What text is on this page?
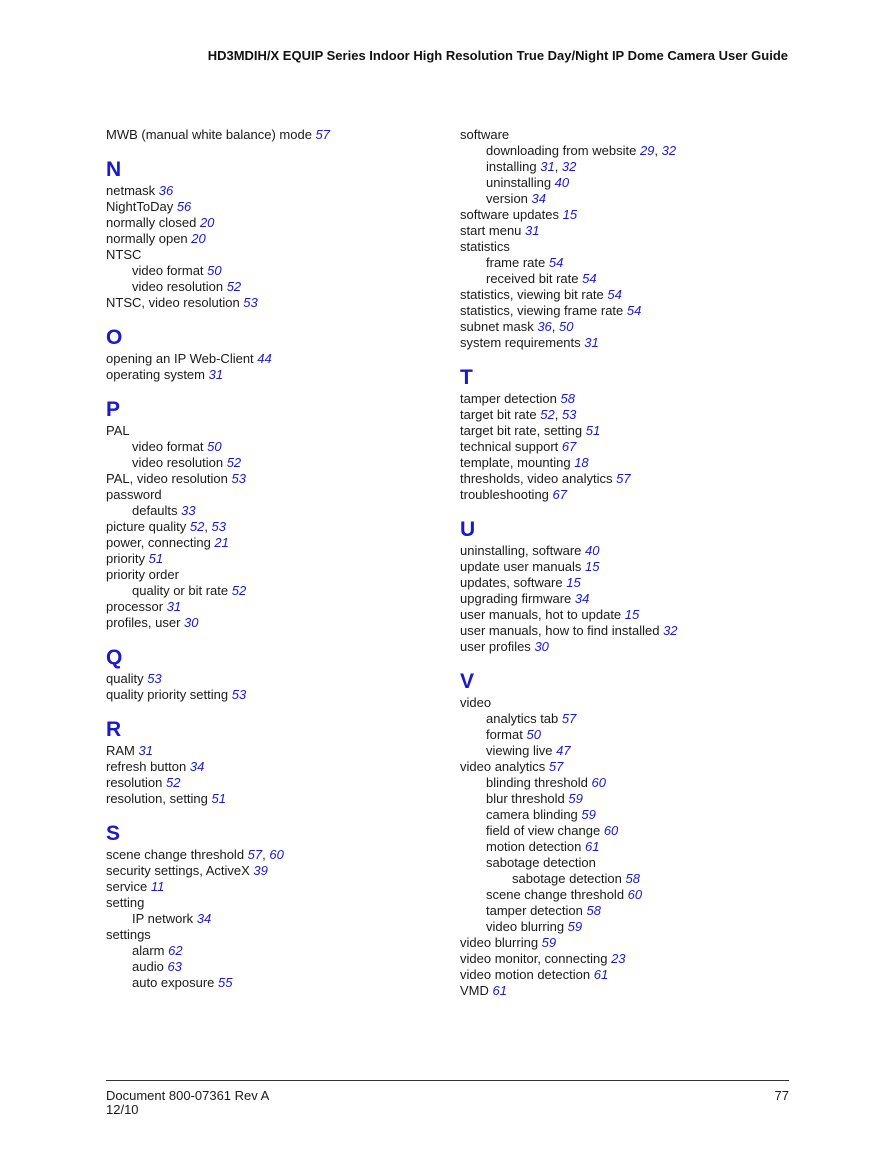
HD3MDIH/X EQUIP Series Indoor High Resolution True Day/Night IP Dome Camera User Guide
MWB (manual white balance) mode 57
N
netmask 36
NightToDay 56
normally closed 20
normally open 20
NTSC
video format 50
video resolution 52
NTSC, video resolution 53
O
opening an IP Web-Client 44
operating system 31
P
PAL
video format 50
video resolution 52
PAL, video resolution 53
password
defaults 33
picture quality 52, 53
power, connecting 21
priority 51
priority order
quality or bit rate 52
processor 31
profiles, user 30
Q
quality 53
quality priority setting 53
R
RAM 31
refresh button 34
resolution 52
resolution, setting 51
S
scene change threshold 57, 60
security settings, ActiveX 39
service 11
setting
IP network 34
settings
alarm 62
audio 63
auto exposure 55
software
downloading from website 29, 32
installing 31, 32
uninstalling 40
version 34
software updates 15
start menu 31
statistics
frame rate 54
received bit rate 54
statistics, viewing bit rate 54
statistics, viewing frame rate 54
subnet mask 36, 50
system requirements 31
T
tamper detection 58
target bit rate 52, 53
target bit rate, setting 51
technical support 67
template, mounting 18
thresholds, video analytics 57
troubleshooting 67
U
uninstalling, software 40
update user manuals 15
updates, software 15
upgrading firmware 34
user manuals, hot to update 15
user manuals, how to find installed 32
user profiles 30
V
video
analytics tab 57
format 50
viewing live 47
video analytics 57
blinding threshold 60
blur threshold 59
camera blinding 59
field of view change 60
motion detection 61
sabotage detection
sabotage detection 58
scene change threshold 60
tamper detection 58
video blurring 59
video blurring 59
video monitor, connecting 23
video motion detection 61
VMD 61
Document 800-07361 Rev A
12/10
77
